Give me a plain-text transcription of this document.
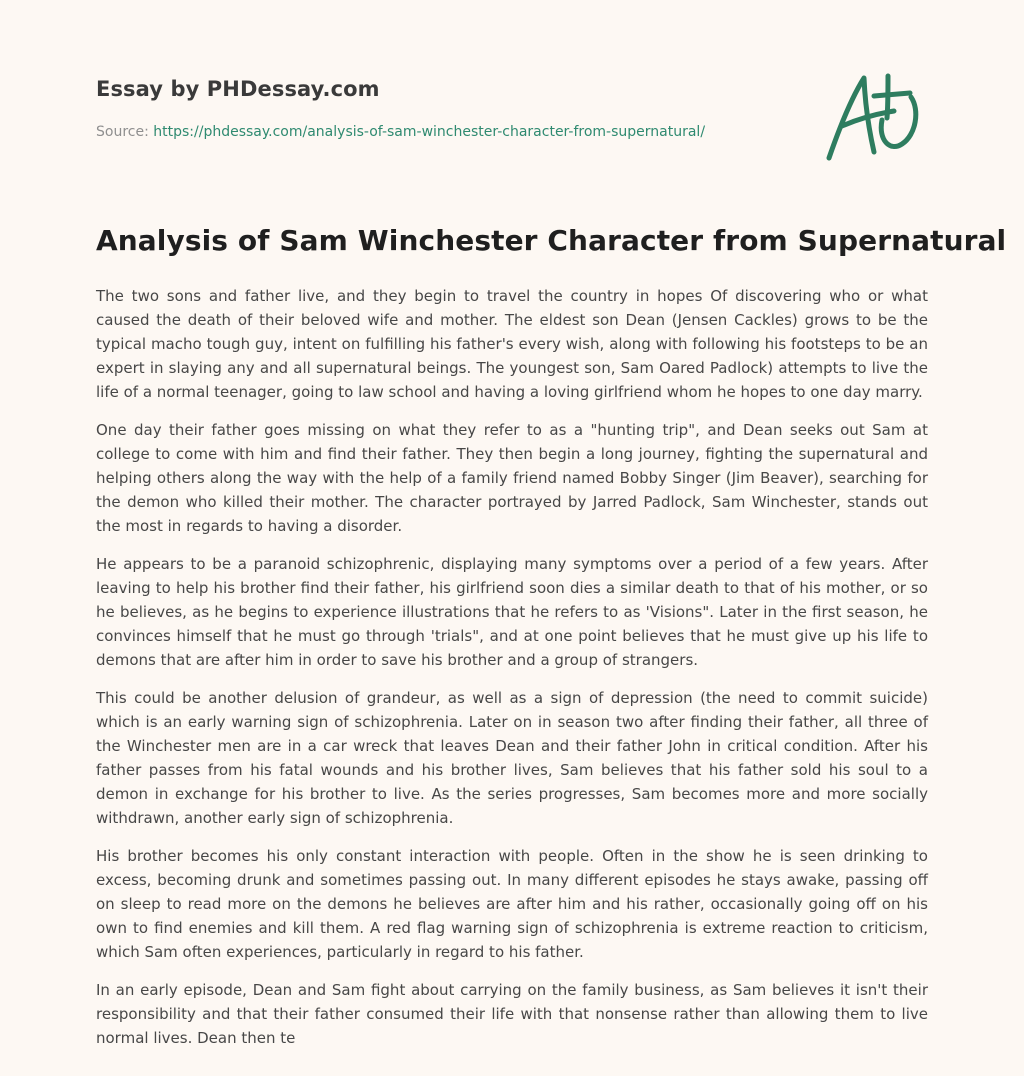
Essay by PHDessay.com

Source: https://phdessay.com/analysis-of-sam-winchester-character-from-supernatural/

Analysis of Sam Winchester Character from Supernatural

The two sons and father live, and they begin to travel the country in hopes Of discovering who or what caused the death of their beloved wife and mother. The eldest son Dean (Jensen Cackles) grows to be the typical macho tough guy, intent on fulfilling his father's every wish, along with following his footsteps to be an expert in slaying any and all supernatural beings. The youngest son, Sam Oared Padlock) attempts to live the life of a normal teenager, going to law school and having a loving girlfriend whom he hopes to one day marry.

One day their father goes missing on what they refer to as a "hunting trip", and Dean seeks out Sam at college to come with him and find their father. They then begin a long journey, fighting the supernatural and helping others along the way with the help of a family friend named Bobby Singer (Jim Beaver), searching for the demon who killed their mother. The character portrayed by Jarred Padlock, Sam Winchester, stands out the most in regards to having a disorder.

He appears to be a paranoid schizophrenic, displaying many symptoms over a period of a few years. After leaving to help his brother find their father, his girlfriend soon dies a similar death to that of his mother, or so he believes, as he begins to experience illustrations that he refers to as 'Visions". Later in the first season, he convinces himself that he must go through 'trials", and at one point believes that he must give up his life to demons that are after him in order to save his brother and a group of strangers.

This could be another delusion of grandeur, as well as a sign of depression (the need to commit suicide) which is an early warning sign of schizophrenia. Later on in season two after finding their father, all three of the Winchester men are in a car wreck that leaves Dean and their father John in critical condition. After his father passes from his fatal wounds and his brother lives, Sam believes that his father sold his soul to a demon in exchange for his brother to live. As the series progresses, Sam becomes more and more socially withdrawn, another early sign of schizophrenia.

His brother becomes his only constant interaction with people. Often in the show he is seen drinking to excess, becoming drunk and sometimes passing out. In many different episodes he stays awake, passing off on sleep to read more on the demons he believes are after him and his rather, occasionally going off on his own to find enemies and kill them. A red flag warning sign of schizophrenia is extreme reaction to criticism, which Sam often experiences, particularly in regard to his father.

In an early episode, Dean and Sam fight about carrying on the family business, as Sam believes it isn't their responsibility and that their father consumed their life with that nonsense rather than allowing them to live normal lives. Dean then te
